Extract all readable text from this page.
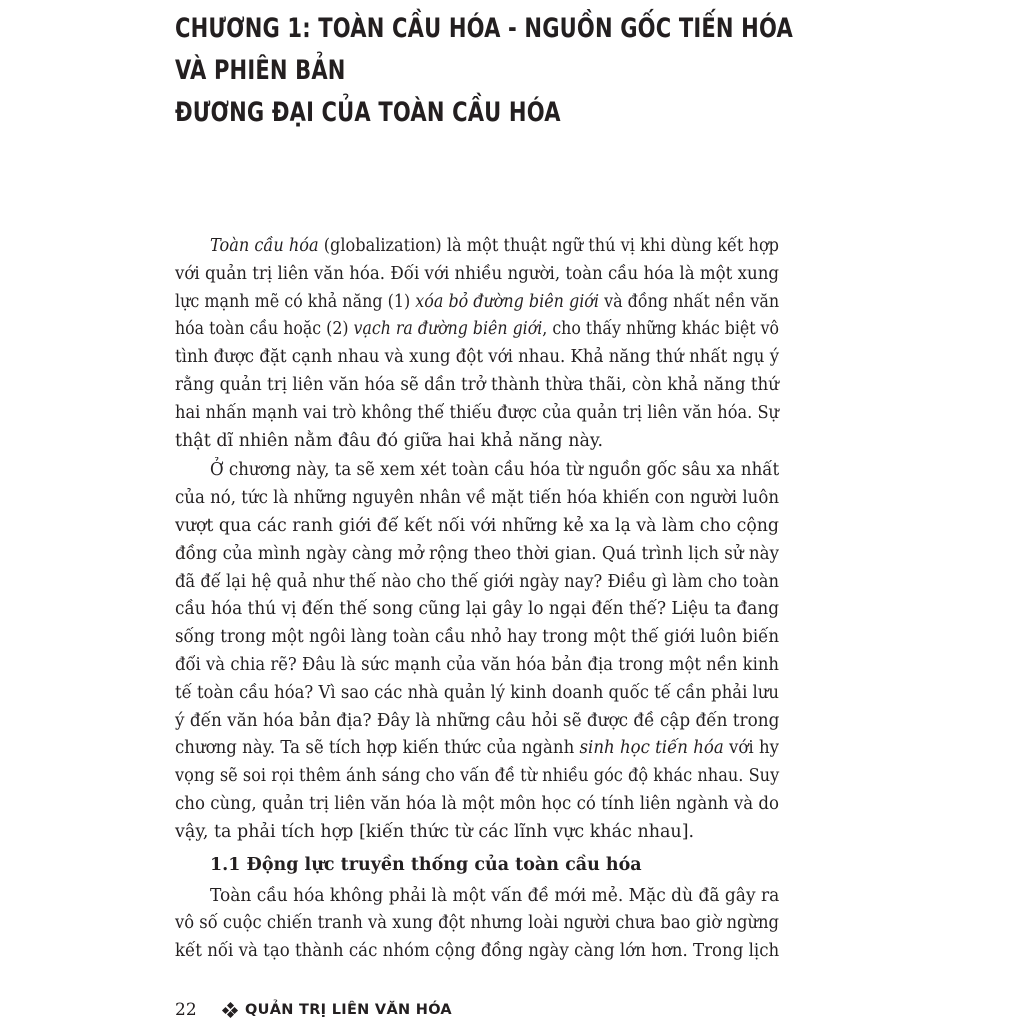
CHƯƠNG 1: TOÀN CẦU HÓA - NGUỒN GỐC TIẾN HÓA VÀ PHIÊN BẢN
ĐƯƠNG ĐẠI CỦA TOÀN CẦU HÓA
Toàn cầu hóa (globalization) là một thuật ngữ thú vị khi dùng kết hợp
với quản trị liên văn hóa. Đối với nhiều người, toàn cầu hóa là một xung
lực mạnh mẽ có khả năng (1) xóa bỏ đường biên giới và đồng nhất nền văn
hóa toàn cầu hoặc (2) vạch ra đường biên giới, cho thấy những khác biệt vô
tình được đặt cạnh nhau và xung đột với nhau. Khả năng thứ nhất ngụ ý
rằng quản trị liên văn hóa sẽ dần trở thành thừa thãi, còn khả năng thứ
hai nhấn mạnh vai trò không thể thiếu được của quản trị liên văn hóa. Sự
thật dĩ nhiên nằm đâu đó giữa hai khả năng này.
Ở chương này, ta sẽ xem xét toàn cầu hóa từ nguồn gốc sâu xa nhất
của nó, tức là những nguyên nhân về mặt tiến hóa khiến con người luôn
vượt qua các ranh giới để kết nối với những kẻ xa lạ và làm cho cộng
đồng của mình ngày càng mở rộng theo thời gian. Quá trình lịch sử này
đã để lại hệ quả như thế nào cho thế giới ngày nay? Điều gì làm cho toàn
cầu hóa thú vị đến thế song cũng lại gây lo ngại đến thế? Liệu ta đang
sống trong một ngôi làng toàn cầu nhỏ hay trong một thế giới luôn biến
đổi và chia rẽ? Đâu là sức mạnh của văn hóa bản địa trong một nền kinh
tế toàn cầu hóa? Vì sao các nhà quản lý kinh doanh quốc tế cần phải lưu
ý đến văn hóa bản địa? Đây là những câu hỏi sẽ được đề cập đến trong
chương này. Ta sẽ tích hợp kiến thức của ngành sinh học tiến hóa với hy
vọng sẽ soi rọi thêm ánh sáng cho vấn đề từ nhiều góc độ khác nhau. Suy
cho cùng, quản trị liên văn hóa là một môn học có tính liên ngành và do
vậy, ta phải tích hợp [kiến thức từ các lĩnh vực khác nhau].
1.1 Động lực truyền thống của toàn cầu hóa
Toàn cầu hóa không phải là một vấn đề mới mẻ. Mặc dù đã gây ra
vô số cuộc chiến tranh và xung đột nhưng loài người chưa bao giờ ngừng
kết nối và tạo thành các nhóm cộng đồng ngày càng lớn hơn. Trong lịch
22	QUẢN TRỊ LIÊN VĂN HÓA
